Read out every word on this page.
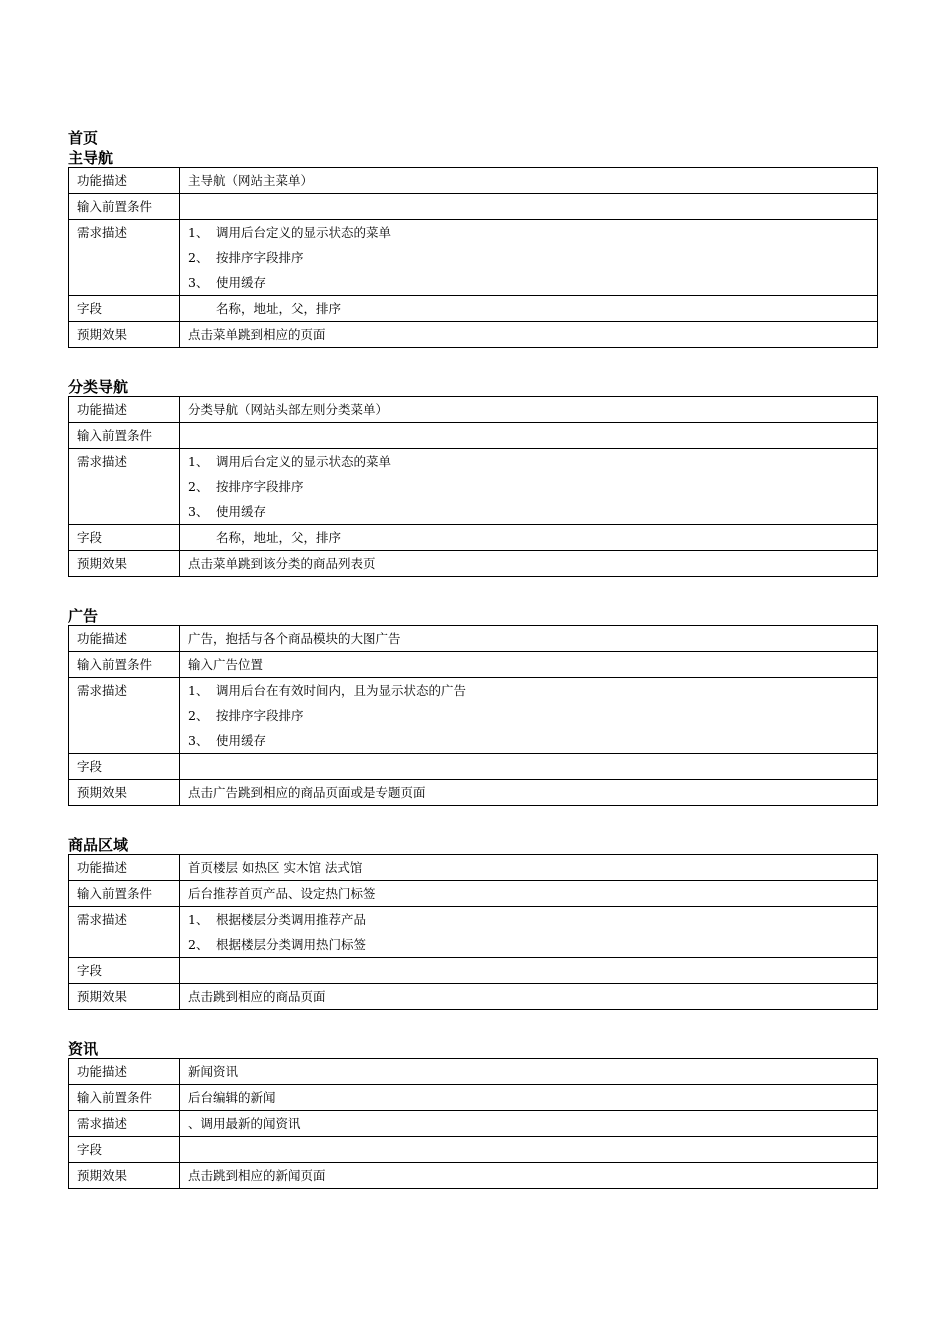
首页
主导航
功能描述	主导航（网站主菜单）
输入前置条件	
需求描述	1、 调用后台定义的显示状态的菜单
2、 按排序字段排序
3、 使用缓存

字段	名称，地址，父，排序
预期效果	点击菜单跳到相应的页面
分类导航
功能描述	分类导航（网站头部左则分类菜单）
输入前置条件	
需求描述	1、 调用后台定义的显示状态的菜单
2、 按排序字段排序
3、 使用缓存

字段	名称，地址，父，排序
预期效果	点击菜单跳到该分类的商品列表页
广告
功能描述	广告，抱括与各个商品模块的大图广告
输入前置条件	输入广告位置
需求描述	1、 调用后台在有效时间内，且为显示状态的广告
2、 按排序字段排序
3、 使用缓存

字段	
预期效果	点击广告跳到相应的商品页面或是专题页面
商品区域
功能描述	首页楼层 如热区 实木馆 法式馆
输入前置条件	后台推荐首页产品、设定热门标签
需求描述	1、 根据楼层分类调用推荐产品
2、 根据楼层分类调用热门标签

字段	
预期效果	点击跳到相应的商品页面
资讯
功能描述	新闻资讯
输入前置条件	后台编辑的新闻
需求描述	、调用最新的闻资讯

字段	
预期效果	点击跳到相应的新闻页面
